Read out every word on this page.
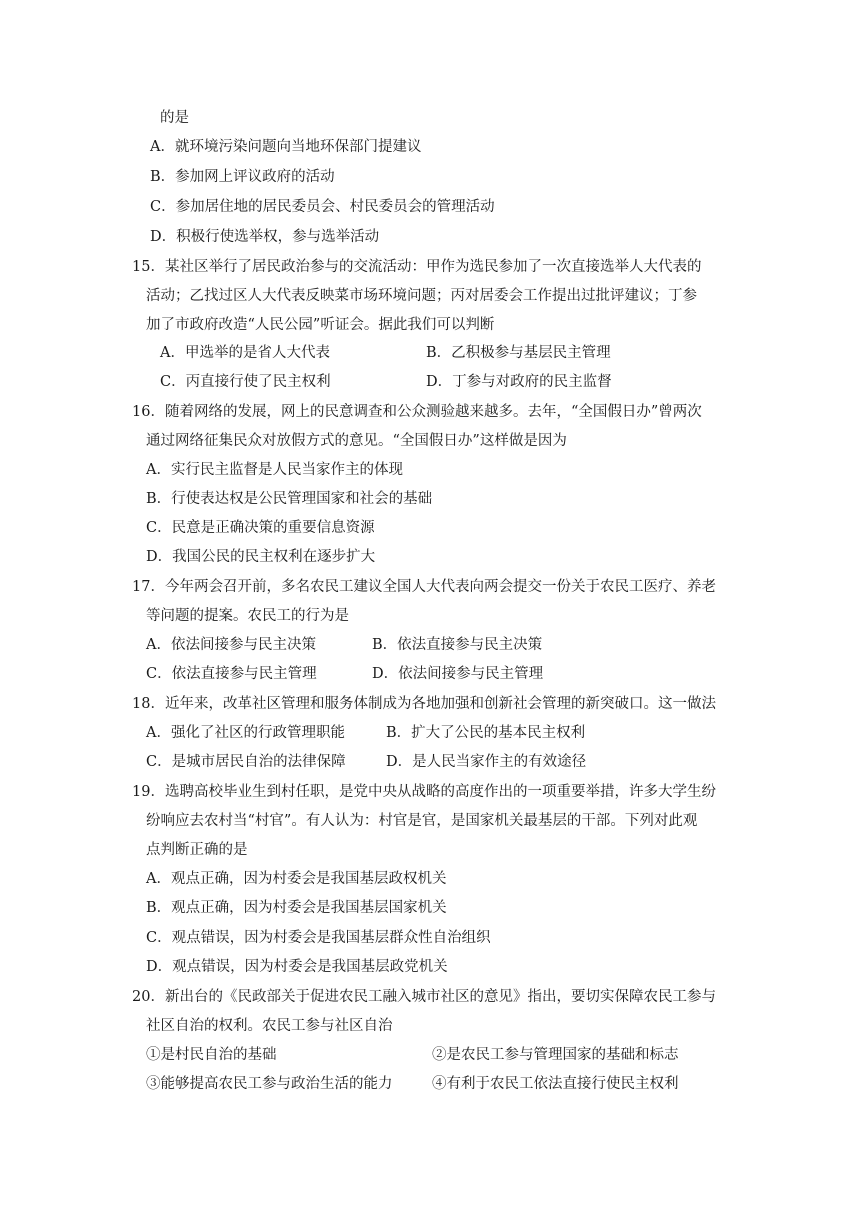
的是
A．就环境污染问题向当地环保部门提建议
B．参加网上评议政府的活动
C．参加居住地的居民委员会、村民委员会的管理活动
D．积极行使选举权，参与选举活动
15．某社区举行了居民政治参与的交流活动：甲作为选民参加了一次直接选举人大代表的
活动；乙找过区人大代表反映菜市场环境问题；丙对居委会工作提出过批评建议；丁参
加了市政府改造“人民公园”听证会。据此我们可以判断
A．甲选举的是省人大代表	B．乙积极参与基层民主管理
C．丙直接行使了民主权利	D．丁参与对政府的民主监督
16．随着网络的发展，网上的民意调查和公众测验越来越多。去年，“全国假日办”曾两次
通过网络征集民众对放假方式的意见。“全国假日办”这样做是因为
A．实行民主监督是人民当家作主的体现
B．行使表达权是公民管理国家和社会的基础
C．民意是正确决策的重要信息资源
D．我国公民的民主权利在逐步扩大
17．今年两会召开前，多名农民工建议全国人大代表向两会提交一份关于农民工医疗、养老
等问题的提案。农民工的行为是
A．依法间接参与民主决策	B．依法直接参与民主决策
C．依法直接参与民主管理	D．依法间接参与民主管理
18．近年来，改革社区管理和服务体制成为各地加强和创新社会管理的新突破口。这一做法
A．强化了社区的行政管理职能	B．扩大了公民的基本民主权利
C．是城市居民自治的法律保障	D．是人民当家作主的有效途径
19．选聘高校毕业生到村任职，是党中央从战略的高度作出的一项重要举措，许多大学生纷
纷响应去农村当“村官”。有人认为：村官是官，是国家机关最基层的干部。下列对此观
点判断正确的是
A．观点正确，因为村委会是我国基层政权机关
B．观点正确，因为村委会是我国基层国家机关
C．观点错误，因为村委会是我国基层群众性自治组织
D．观点错误，因为村委会是我国基层政党机关
20．新出台的《民政部关于促进农民工融入城市社区的意见》指出，要切实保障农民工参与
社区自治的权利。农民工参与社区自治
①是村民自治的基础	②是农民工参与管理国家的基础和标志
③能够提高农民工参与政治生活的能力	④有利于农民工依法直接行使民主权利
